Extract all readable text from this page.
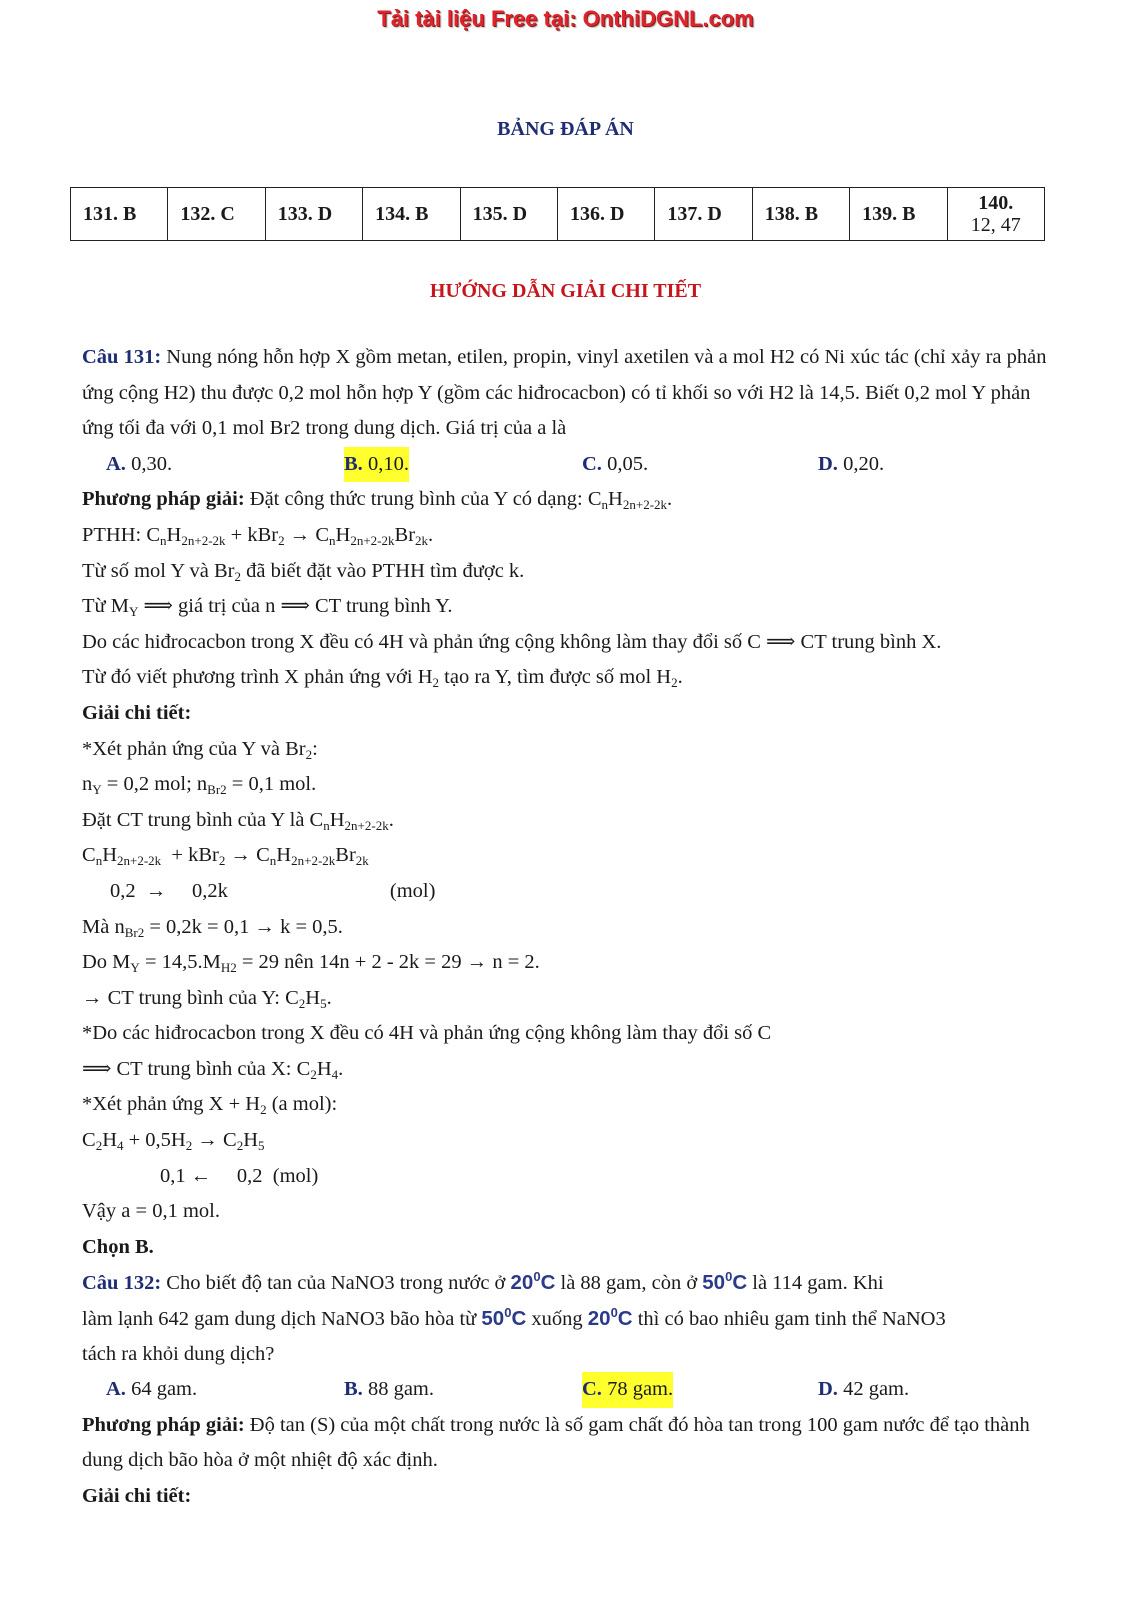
Tải tài liệu Free tại: OnthiDGNL.com
BẢNG ĐÁP ÁN
131. B	132. C	133. D	134. B	135. D	136. D	137. D	138. B	139. B	140.
12, 47
HƯỚNG DẪN GIẢI CHI TIẾT
Câu 131: Nung nóng hỗn hợp X gồm metan, etilen, propin, vinyl axetilen và a mol H2 có Ni xúc tác (chỉ xảy ra phản ứng cộng H2) thu được 0,2 mol hỗn hợp Y (gồm các hiđrocacbon) có tỉ khối so với H2 là 14,5. Biết 0,2 mol Y phản ứng tối đa với 0,1 mol Br2 trong dung dịch. Giá trị của a là
A. 0,30.	B. 0,10.	C. 0,05.	D. 0,20.
Phương pháp giải: Đặt công thức trung bình của Y có dạng: $C_nH_{2n+2-2k}$.
PTHH: $C_nH_{2n+2-2k} + kBr_2 \to C_nH_{2n+2-2k}Br_{2k}$.
Từ số mol Y và $Br_2$ đã biết đặt vào PTHH tìm được k.
Từ $M_Y$ ⟹ giá trị của n ⟹ CT trung bình Y.
Do các hiđrocacbon trong X đều có 4H và phản ứng cộng không làm thay đổi số C ⟹ CT trung bình X.
Từ đó viết phương trình X phản ứng với $H_2$ tạo ra Y, tìm được số mol $H_2$.
Giải chi tiết:
*Xét phản ứng của Y và $Br_2$:
$n_Y = 0,2$ mol; $n_{Br2} = 0,1$ mol.
Đặt CT trung bình của Y là $C_nH_{2n+2-2k}$.
$C_nH_{2n+2-2k} + kBr_2 \to C_nH_{2n+2-2k}Br_{2k}$
0,2  →     0,2k	(mol)
Mà $n_{Br2} = 0,2k = 0,1 \to k = 0,5$.
Do $M_Y = 14,5.M_{H2} = 29$ nên 14n + 2 - 2k = 29 → n = 2.
→ CT trung bình của Y: $C_2H_5$.
*Do các hiđrocacbon trong X đều có 4H và phản ứng cộng không làm thay đổi số C
⟹ CT trung bình của X: $C_2H_4$.
*Xét phản ứng $X + H_2$ (a mol):
$C_2H_4 + 0,5H_2 \to C_2H_5$
0,1 ←     0,2 (mol)
Vậy a = 0,1 mol.
Chọn B.
Câu 132: Cho biết độ tan của NaNO3 trong nước ở $20^0C$ là 88 gam, còn ở $50^0C$ là 114 gam. Khi
làm lạnh 642 gam dung dịch NaNO3 bão hòa từ $50^0C$ xuống $20^0C$ thì có bao nhiêu gam tinh thể NaNO3
tách ra khỏi dung dịch?
A. 64 gam.	B. 88 gam.	C. 78 gam.	D. 42 gam.
Phương pháp giải: Độ tan (S) của một chất trong nước là số gam chất đó hòa tan trong 100 gam nước để tạo thành dung dịch bão hòa ở một nhiệt độ xác định.
Giải chi tiết:
